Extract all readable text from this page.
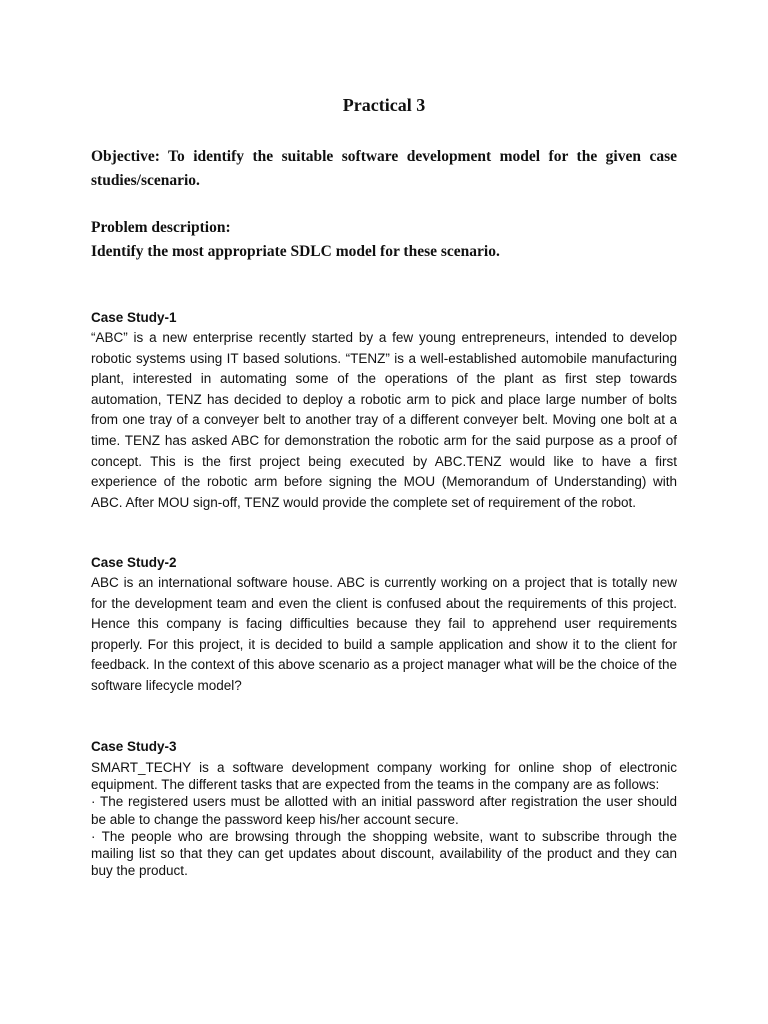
Practical 3

Objective: To identify the suitable software development model for the given case studies/scenario.

Problem description:

Identify the most appropriate SDLC model for these scenario.

Case Study-1

“ABC” is a new enterprise recently started by a few young entrepreneurs, intended to develop robotic systems using IT based solutions. “TENZ” is a well-established automobile manufacturing plant, interested in automating some of the operations of the plant as first step towards automation, TENZ has decided to deploy a robotic arm to pick and place large number of bolts from one tray of a conveyer belt to another tray of a different conveyer belt. Moving one bolt at a time. TENZ has asked ABC for demonstration the robotic arm for the said purpose as a proof of concept. This is the first project being executed by ABC.TENZ would like to have a first experience of the robotic arm before signing the MOU (Memorandum of Understanding) with ABC. After MOU sign-off, TENZ would provide the complete set of requirement of the robot.

Case Study-2

ABC is an international software house. ABC is currently working on a project that is totally new for the development team and even the client is confused about the requirements of this project. Hence this company is facing difficulties because they fail to apprehend user requirements properly. For this project, it is decided to build a sample application and show it to the client for feedback. In the context of this above scenario as a project manager what will be the choice of the software lifecycle model?

Case Study-3

SMART_TECHY is a software development company working for online shop of electronic equipment. The different tasks that are expected from the teams in the company are as follows:

· The registered users must be allotted with an initial password after registration the user should be able to change the password keep his/her account secure.

· The people who are browsing through the shopping website, want to subscribe through the mailing list so that they can get updates about discount, availability of the product and they can buy the product.
